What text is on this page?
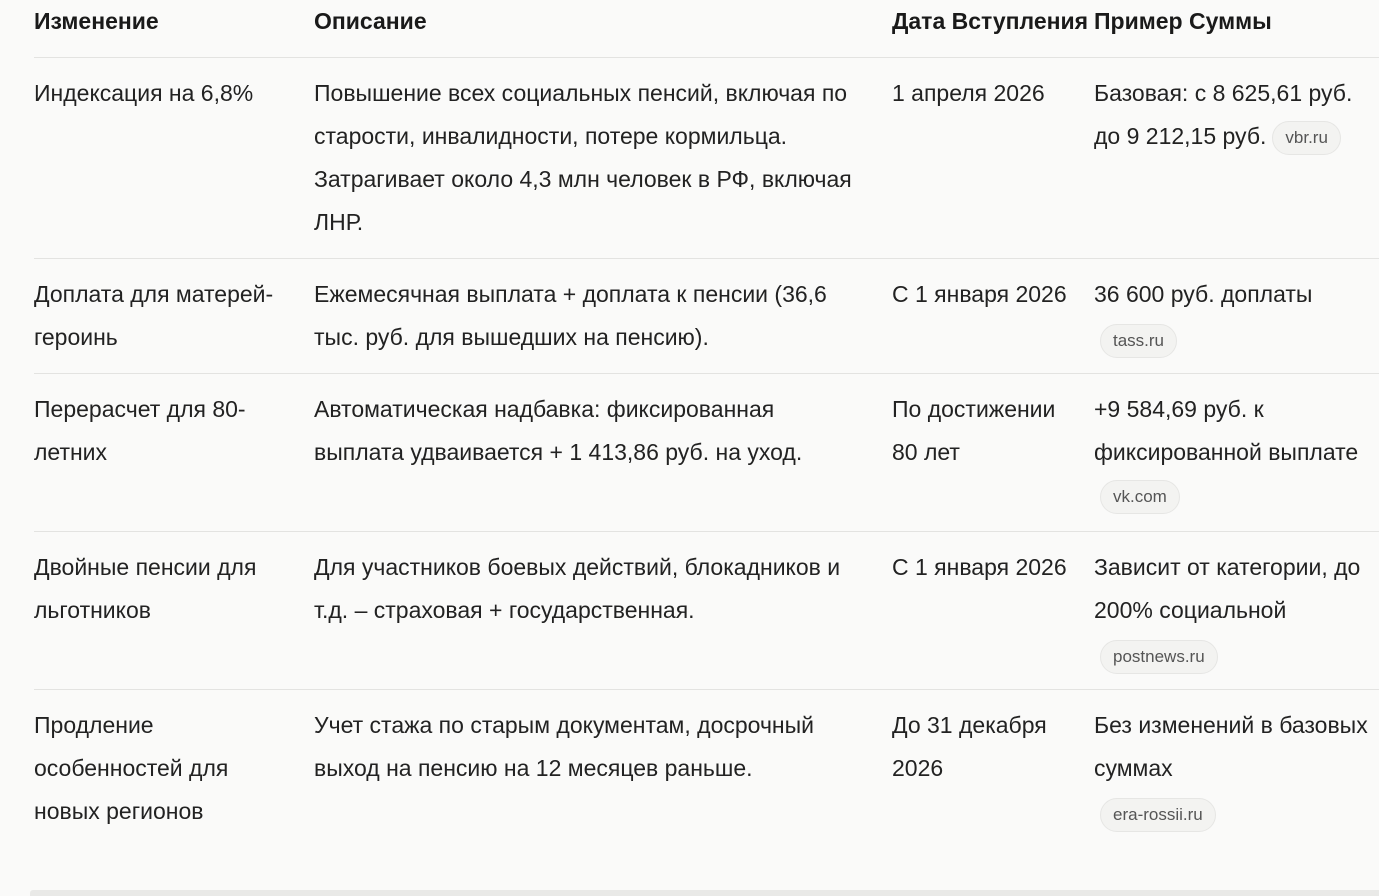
Изменение	Описание	Дата Вступления	Пример Суммы
Индексация на 6,8%	Повышение всех социальных пенсий, включая по старости, инвалидности, потере кормильца. Затрагивает около 4,3 млн человек в РФ, включая ЛНР.	1 апреля 2026	Базовая: с 8 625,61 руб. до 9 212,15 руб. vbr.ru
Доплата для матерей-героинь	Ежемесячная выплата + доплата к пенсии (36,6 тыс. руб. для вышедших на пенсию).	С 1 января 2026	36 600 руб. доплаты
tass.ru
Перерасчет для 80-летних	Автоматическая надбавка: фиксированная выплата удваивается + 1 413,86 руб. на уход.	По достижении 80 лет	+9 584,69 руб. к фиксированной выплатеvk.com
Двойные пенсии для льготников	Для участников боевых действий, блокадников и т.д. – страховая + государственная.	С 1 января 2026	Зависит от категории, до 200% социальной
postnews.ru
Продление особенностей для новых регионов	Учет стажа по старым документам, досрочный выход на пенсию на 12 месяцев раньше.	До 31 декабря 2026	Без изменений в базовых суммах
era-rossii.ru
